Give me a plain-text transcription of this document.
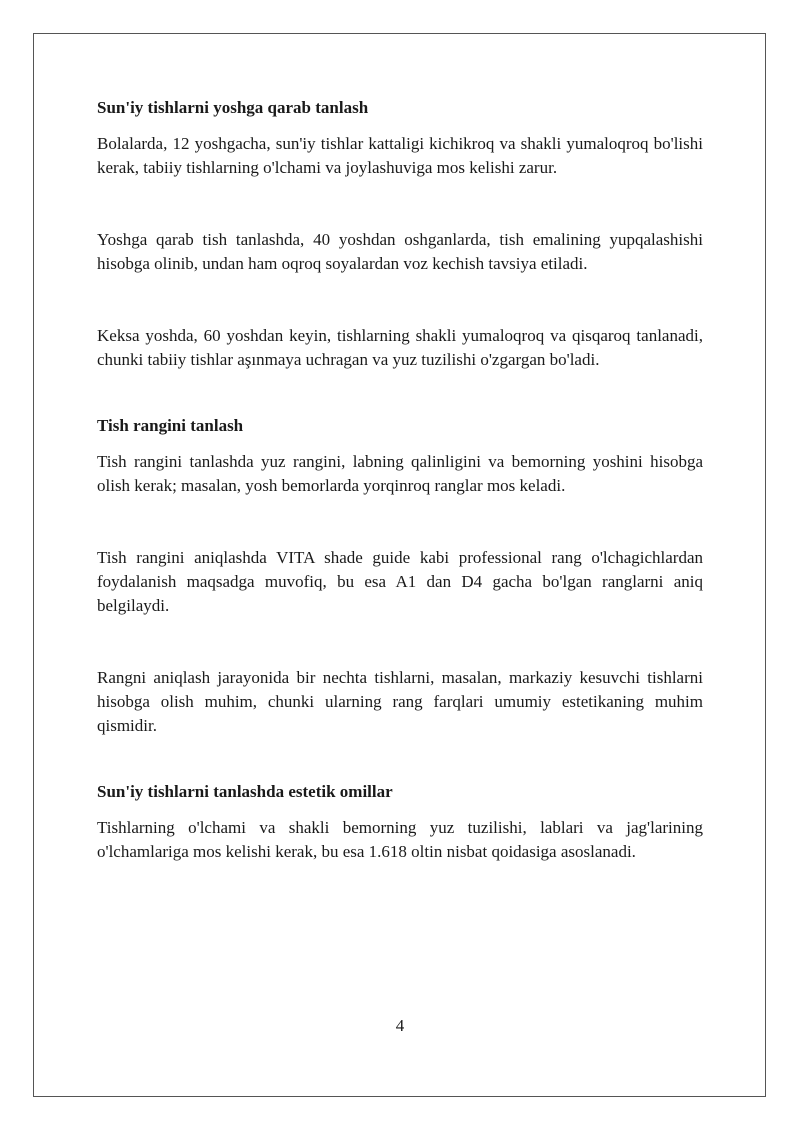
Sun'iy tishlarni yoshga qarab tanlash

Bolalarda, 12 yoshgacha, sun'iy tishlar kattaligi kichikroq va shakli yumaloqroq bo'lishi kerak, tabiiy tishlarning o'lchami va joylashuviga mos kelishi zarur.

Yoshga qarab tish tanlashda, 40 yoshdan oshganlarda, tish emalining yupqalashishi hisobga olinib, undan ham oqroq soyalardan voz kechish tavsiya etiladi.

Keksa yoshda, 60 yoshdan keyin, tishlarning shakli yumaloqroq va qisqaroq tanlanadi, chunki tabiiy tishlar aşınmaya uchragan va yuz tuzilishi o'zgargan bo'ladi.

Tish rangini tanlash

Tish rangini tanlashda yuz rangini, labning qalinligini va bemorning yoshini hisobga olish kerak; masalan, yosh bemorlarda yorqinroq ranglar mos keladi.

Tish rangini aniqlashda VITA shade guide kabi professional rang o'lchagichlardan foydalanish maqsadga muvofiq, bu esa A1 dan D4 gacha bo'lgan ranglarni aniq belgilaydi.

Rangni aniqlash jarayonida bir nechta tishlarni, masalan, markaziy kesuvchi tishlarni hisobga olish muhim, chunki ularning rang farqlari umumiy estetikaning muhim qismidir.

Sun'iy tishlarni tanlashda estetik omillar

Tishlarning o'lchami va shakli bemorning yuz tuzilishi, lablari va jag'larining o'lchamlariga mos kelishi kerak, bu esa 1.618 oltin nisbat qoidasiga asoslanadi.

4
